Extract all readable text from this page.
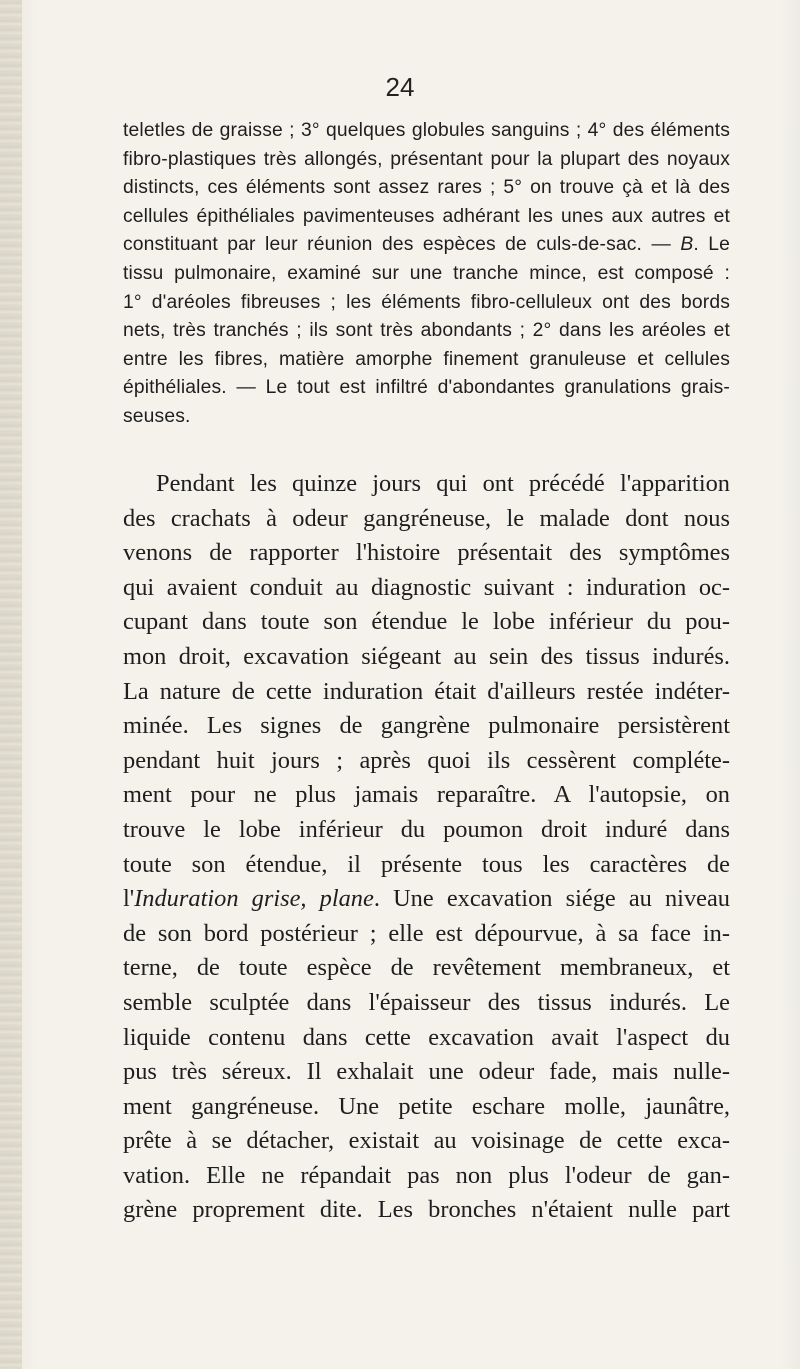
24
teletles de graisse ; 3° quelques globules sanguins ; 4° des éléments
fibro-plastiques très allongés, présentant pour la plupart des noyaux
distincts, ces éléments sont assez rares ; 5° on trouve çà et là des
cellules épithéliales pavimenteuses adhérant les unes aux autres et
constituant par leur réunion des espèces de culs-de-sac. — B. Le
tissu pulmonaire, examiné sur une tranche mince, est composé :
1° d'aréoles fibreuses ; les éléments fibro-celluleux ont des bords
nets, très tranchés ; ils sont très abondants ; 2° dans les aréoles et
entre les fibres, matière amorphe finement granuleuse et cellules
épithéliales. — Le tout est infiltré d'abondantes granulations grais-
seuses.
Pendant les quinze jours qui ont précédé l'apparition
des crachats à odeur gangréneuse, le malade dont nous
venons de rapporter l'histoire présentait des symptômes
qui avaient conduit au diagnostic suivant : induration oc-
cupant dans toute son étendue le lobe inférieur du pou-
mon droit, excavation siégeant au sein des tissus indurés.
La nature de cette induration était d'ailleurs restée indéter-
minée. Les signes de gangrène pulmonaire persistèrent
pendant huit jours ; après quoi ils cessèrent compléte-
ment pour ne plus jamais reparaître. A l'autopsie, on
trouve le lobe inférieur du poumon droit induré dans
toute son étendue, il présente tous les caractères de
l'Induration grise, plane. Une excavation siége au niveau
de son bord postérieur ; elle est dépourvue, à sa face in-
terne, de toute espèce de revêtement membraneux, et
semble sculptée dans l'épaisseur des tissus indurés. Le
liquide contenu dans cette excavation avait l'aspect du
pus très séreux. Il exhalait une odeur fade, mais nulle-
ment gangréneuse. Une petite eschare molle, jaunâtre,
prête à se détacher, existait au voisinage de cette exca-
vation. Elle ne répandait pas non plus l'odeur de gan-
grène proprement dite. Les bronches n'étaient nulle part
